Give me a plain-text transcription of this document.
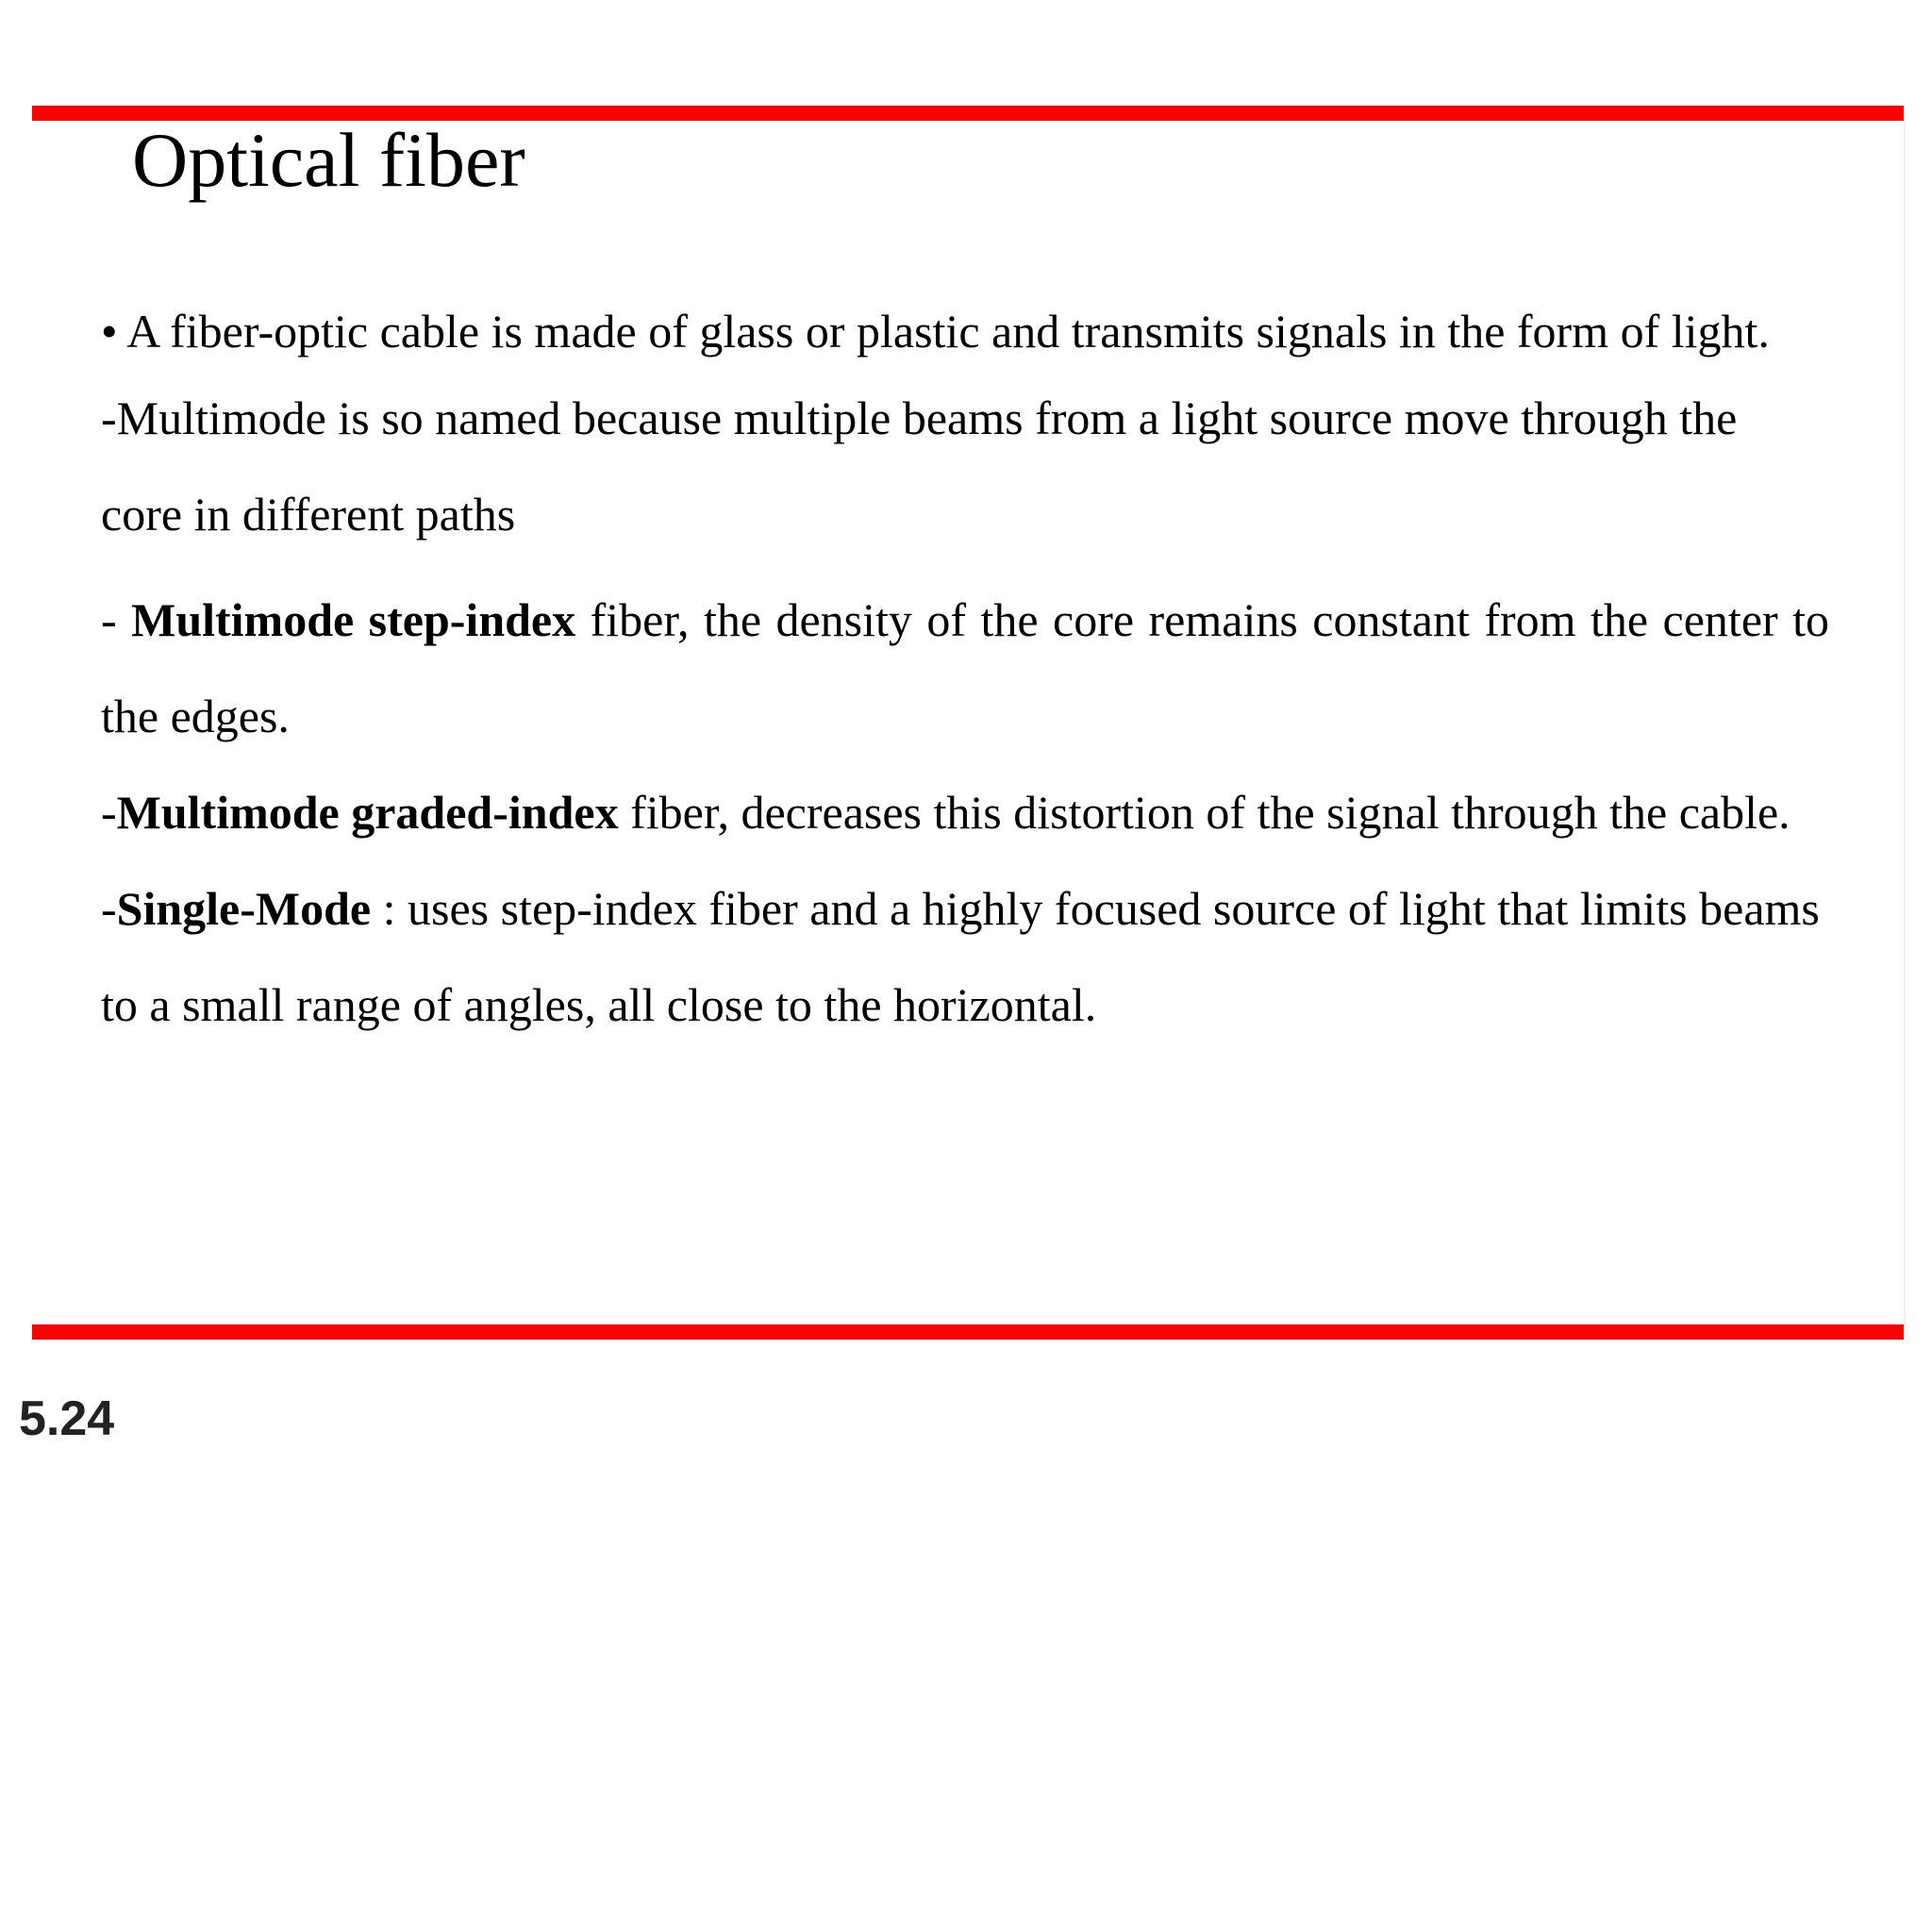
Optical fiber

• A fiber-optic cable is made of glass or plastic and transmits signals in the form of light.

-Multimode is so named because multiple beams from a light source move through the core in different paths

- Multimode step-index fiber, the density of the core remains constant from the center to the edges.

-Multimode graded-index fiber, decreases this distortion of the signal through the cable.

-Single-Mode : uses step-index fiber and a highly focused source of light that limits beams to a small range of angles, all close to the horizontal.

5.24
